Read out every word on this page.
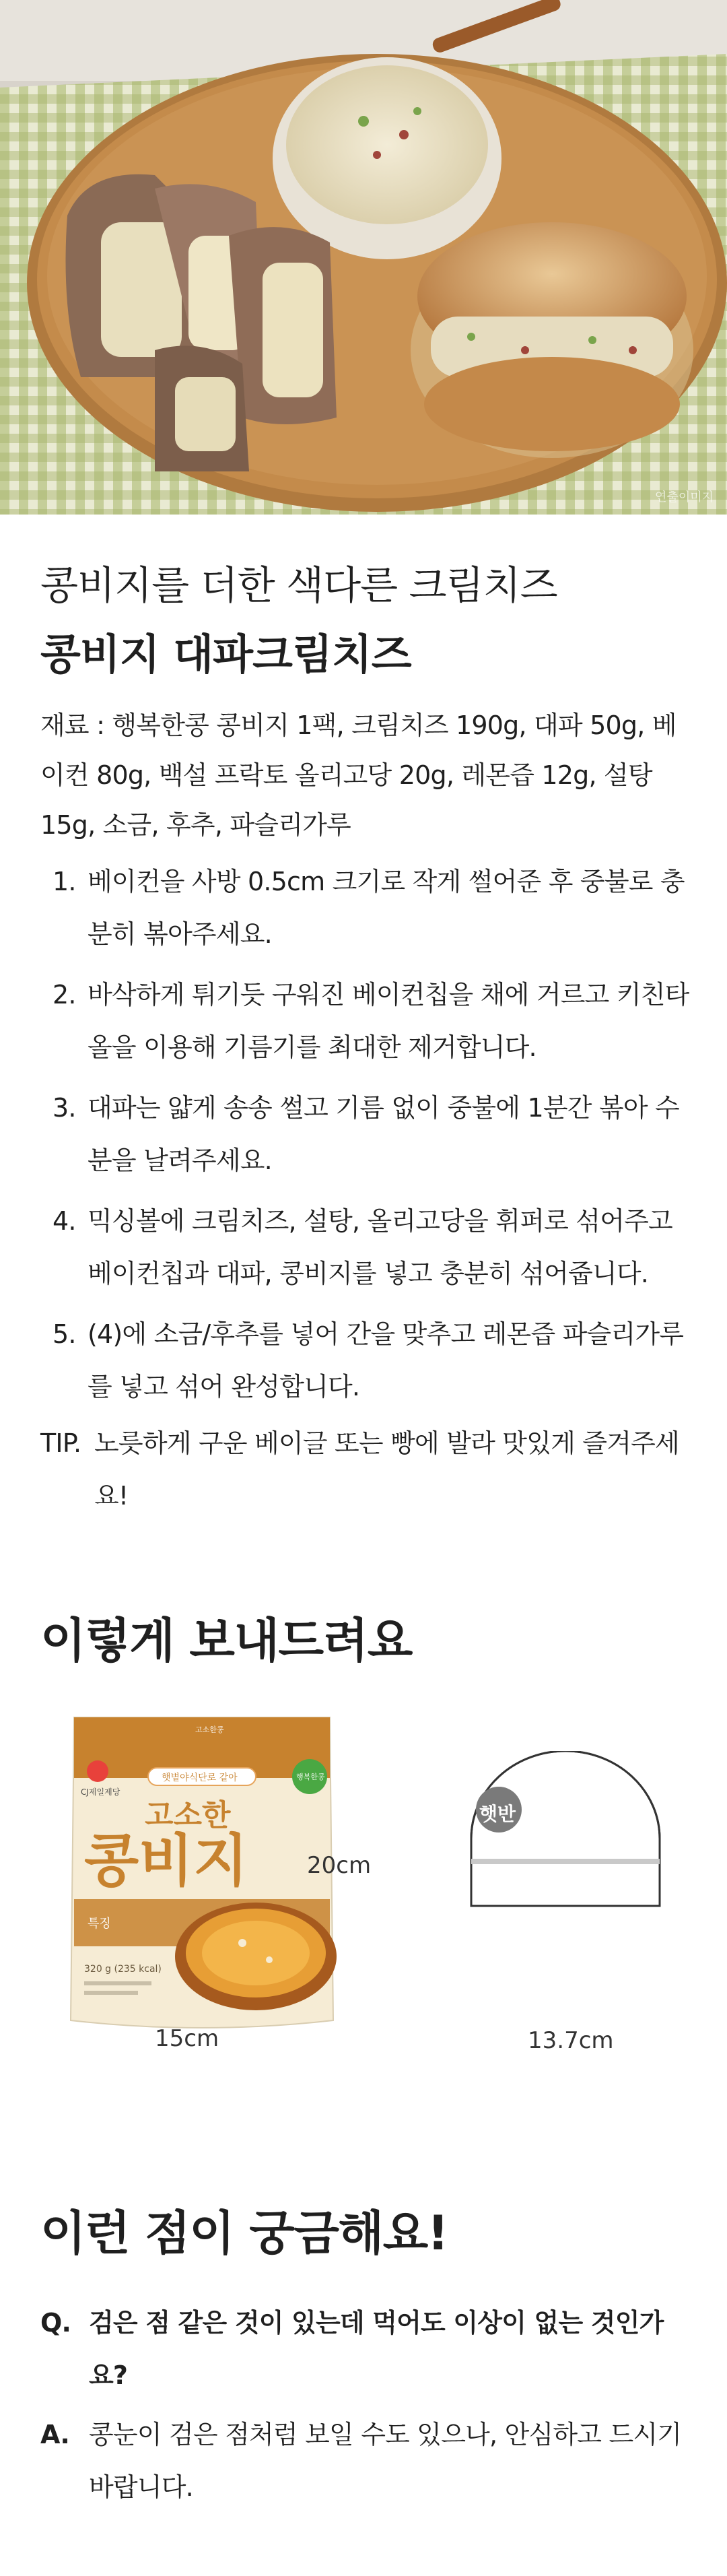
연출이미지
콩비지를 더한 색다른 크림치즈
콩비지 대파크림치즈
재료 : 행복한콩 콩비지 1팩, 크림치즈 190g, 대파 50g, 베이컨 80g, 백설 프락토 올리고당 20g, 레몬즙 12g, 설탕 15g, 소금, 후추, 파슬리가루
1. 베이컨을 사방 0.5cm 크기로 작게 썰어준 후 중불로 충분히 볶아주세요.
2. 바삭하게 튀기듯 구워진 베이컨칩을 채에 거르고 키친타올을 이용해 기름기를 최대한 제거합니다.
3. 대파는 얇게 송송 썰고 기름 없이 중불에 1분간 볶아 수분을 날려주세요.
4. 믹싱볼에 크림치즈, 설탕, 올리고당을 휘퍼로 섞어주고 베이컨칩과 대파, 콩비지를 넣고 충분히 섞어줍니다.
5. (4)에 소금/후추를 넣어 간을 맞추고 레몬즙 파슬리가루를 넣고 섞어 완성합니다.
TIP. 노릇하게 구운 베이글 또는 빵에 발라 맛있게 즐겨주세요!
이렇게 보내드려요
고소한콩
CJ제일제당
햇볕야식단로 같아	행복한콩
고소한
콩비지
특징
320 g (235 kcal)
20cm
15cm	13.7cm
햇반
이런 점이 궁금해요!
Q. 검은 점 같은 것이 있는데 먹어도 이상이 없는 것인가요?
A. 콩눈이 검은 점처럼 보일 수도 있으나, 안심하고 드시기 바랍니다.
